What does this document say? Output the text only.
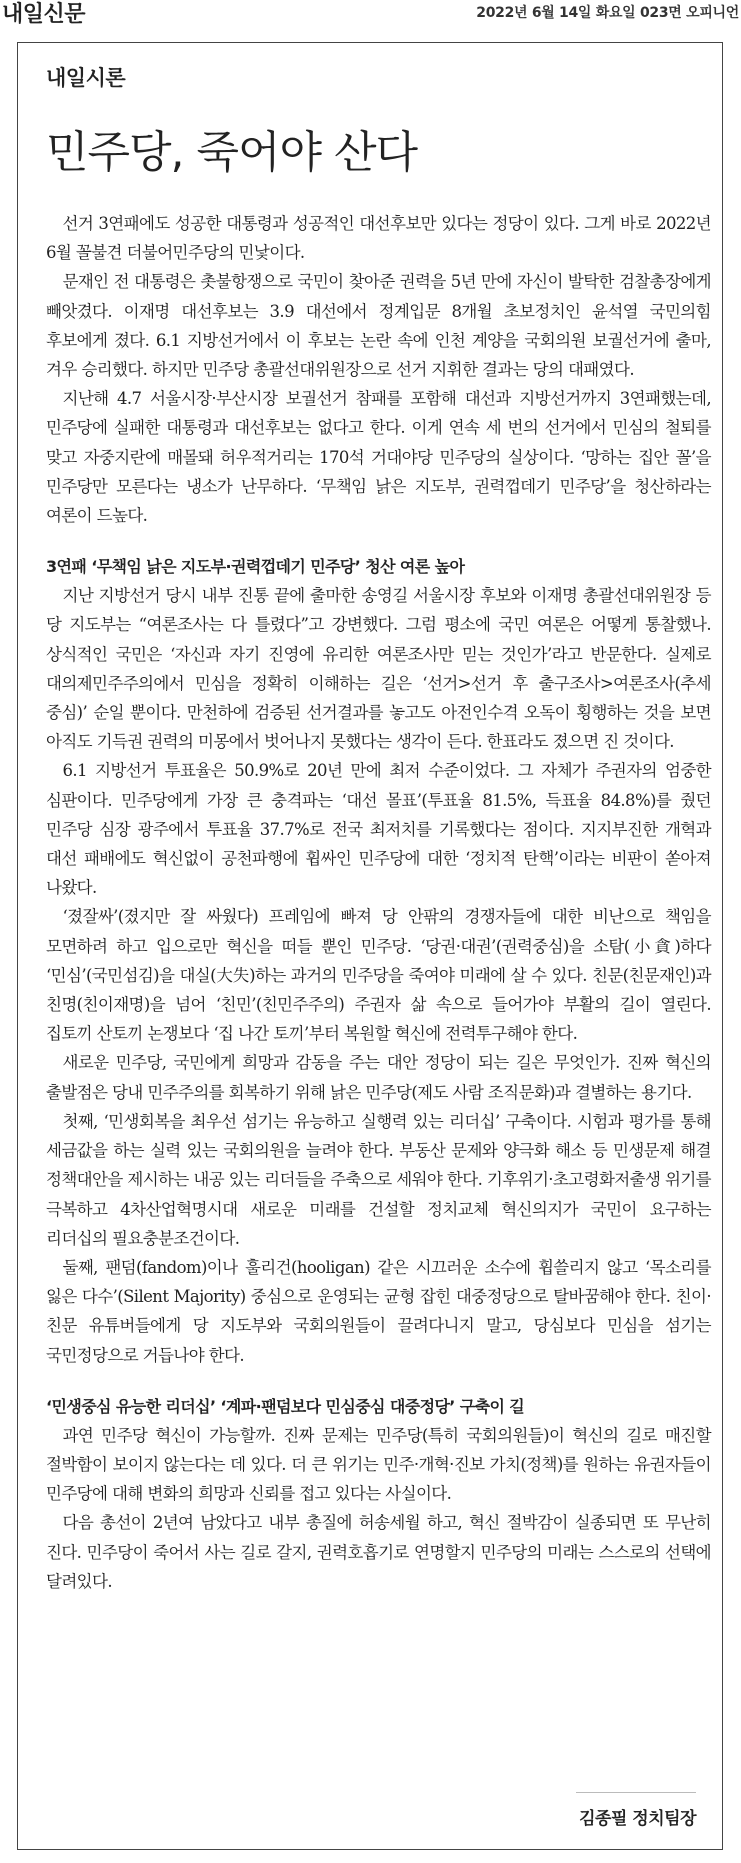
내일신문	2022년 6월 14일 화요일 023면 오피니언
내일시론
민주당, 죽어야 산다

선거 3연패에도 성공한 대통령과 성공적인 대선후보만 있다는 정당이 있다. 그게 바로 2022년 6월 꼴불견 더불어민주당의 민낯이다.

문재인 전 대통령은 촛불항쟁으로 국민이 찾아준 권력을 5년 만에 자신이 발탁한 검찰총장에게 빼앗겼다. 이재명 대선후보는 3.9 대선에서 정계입문 8개월 초보정치인 윤석열 국민의힘 후보에게 졌다. 6.1 지방선거에서 이 후보는 논란 속에 인천 계양을 국회의원 보궐선거에 출마, 겨우 승리했다. 하지만 민주당 총괄선대위원장으로 선거 지휘한 결과는 당의 대패였다.

지난해 4.7 서울시장·부산시장 보궐선거 참패를 포함해 대선과 지방선거까지 3연패했는데, 민주당에 실패한 대통령과 대선후보는 없다고 한다. 이게 연속 세 번의 선거에서 민심의 철퇴를 맞고 자중지란에 매몰돼 허우적거리는 170석 거대야당 민주당의 실상이다. ‘망하는 집안 꼴’을 민주당만 모른다는 냉소가 난무하다. ‘무책임 낡은 지도부, 권력껍데기 민주당’을 청산하라는 여론이 드높다.

3연패 ‘무책임 낡은 지도부·권력껍데기 민주당’ 청산 여론 높아

지난 지방선거 당시 내부 진통 끝에 출마한 송영길 서울시장 후보와 이재명 총괄선대위원장 등 당 지도부는 “여론조사는 다 틀렸다”고 강변했다. 그럼 평소에 국민 여론은 어떻게 통찰했나. 상식적인 국민은 ‘자신과 자기 진영에 유리한 여론조사만 믿는 것인가’라고 반문한다. 실제로 대의제민주주의에서 민심을 정확히 이해하는 길은 ‘선거>선거 후 출구조사>여론조사(추세 중심)’ 순일 뿐이다. 만천하에 검증된 선거결과를 놓고도 아전인수격 오독이 횡행하는 것을 보면 아직도 기득권 권력의 미몽에서 벗어나지 못했다는 생각이 든다. 한표라도 졌으면 진 것이다.

6.1 지방선거 투표율은 50.9%로 20년 만에 최저 수준이었다. 그 자체가 주권자의 엄중한 심판이다. 민주당에게 가장 큰 충격파는 ‘대선 몰표’(투표율 81.5%, 득표율 84.8%)를 줬던 민주당 심장 광주에서 투표율 37.7%로 전국 최저치를 기록했다는 점이다. 지지부진한 개혁과 대선 패배에도 혁신없이 공천파행에 휩싸인 민주당에 대한 ‘정치적 탄핵’이라는 비판이 쏟아져 나왔다.

‘졌잘싸’(졌지만 잘 싸웠다) 프레임에 빠져 당 안팎의 경쟁자들에 대한 비난으로 책임을 모면하려 하고 입으로만 혁신을 떠들 뿐인 민주당. ‘당권·대권’(권력중심)을 소탐(小貪)하다 ‘민심’(국민섬김)을 대실(大失)하는 과거의 민주당을 죽여야 미래에 살 수 있다. 친문(친문재인)과 친명(친이재명)을 넘어 ‘친민’(친민주주의) 주권자 삶 속으로 들어가야 부활의 길이 열린다. 집토끼 산토끼 논쟁보다 ‘집 나간 토끼’부터 복원할 혁신에 전력투구해야 한다.

새로운 민주당, 국민에게 희망과 감동을 주는 대안 정당이 되는 길은 무엇인가. 진짜 혁신의 출발점은 당내 민주주의를 회복하기 위해 낡은 민주당(제도 사람 조직문화)과 결별하는 용기다.

첫째, ‘민생회복을 최우선 섬기는 유능하고 실행력 있는 리더십’ 구축이다. 시험과 평가를 통해 세금값을 하는 실력 있는 국회의원을 늘려야 한다. 부동산 문제와 양극화 해소 등 민생문제 해결 정책대안을 제시하는 내공 있는 리더들을 주축으로 세워야 한다. 기후위기·초고령화저출생 위기를 극복하고 4차산업혁명시대 새로운 미래를 건설할 정치교체 혁신의지가 국민이 요구하는 리더십의 필요충분조건이다.

둘째, 팬덤(fandom)이나 훌리건(hooligan) 같은 시끄러운 소수에 휩쓸리지 않고 ‘목소리를 잃은 다수’(Silent Majority) 중심으로 운영되는 균형 잡힌 대중정당으로 탈바꿈해야 한다. 친이·친문 유튜버들에게 당 지도부와 국회의원들이 끌려다니지 말고, 당심보다 민심을 섬기는 국민정당으로 거듭나야 한다.

‘민생중심 유능한 리더십’ ‘계파·팬덤보다 민심중심 대중정당’ 구축이 길

과연 민주당 혁신이 가능할까. 진짜 문제는 민주당(특히 국회의원들)이 혁신의 길로 매진할 절박함이 보이지 않는다는 데 있다. 더 큰 위기는 민주·개혁·진보 가치(정책)를 원하는 유권자들이 민주당에 대해 변화의 희망과 신뢰를 접고 있다는 사실이다.

다음 총선이 2년여 남았다고 내부 총질에 허송세월 하고, 혁신 절박감이 실종되면 또 무난히 진다. 민주당이 죽어서 사는 길로 갈지, 권력호흡기로 연명할지 민주당의 미래는 스스로의 선택에 달려있다.

김종필 정치팀장
